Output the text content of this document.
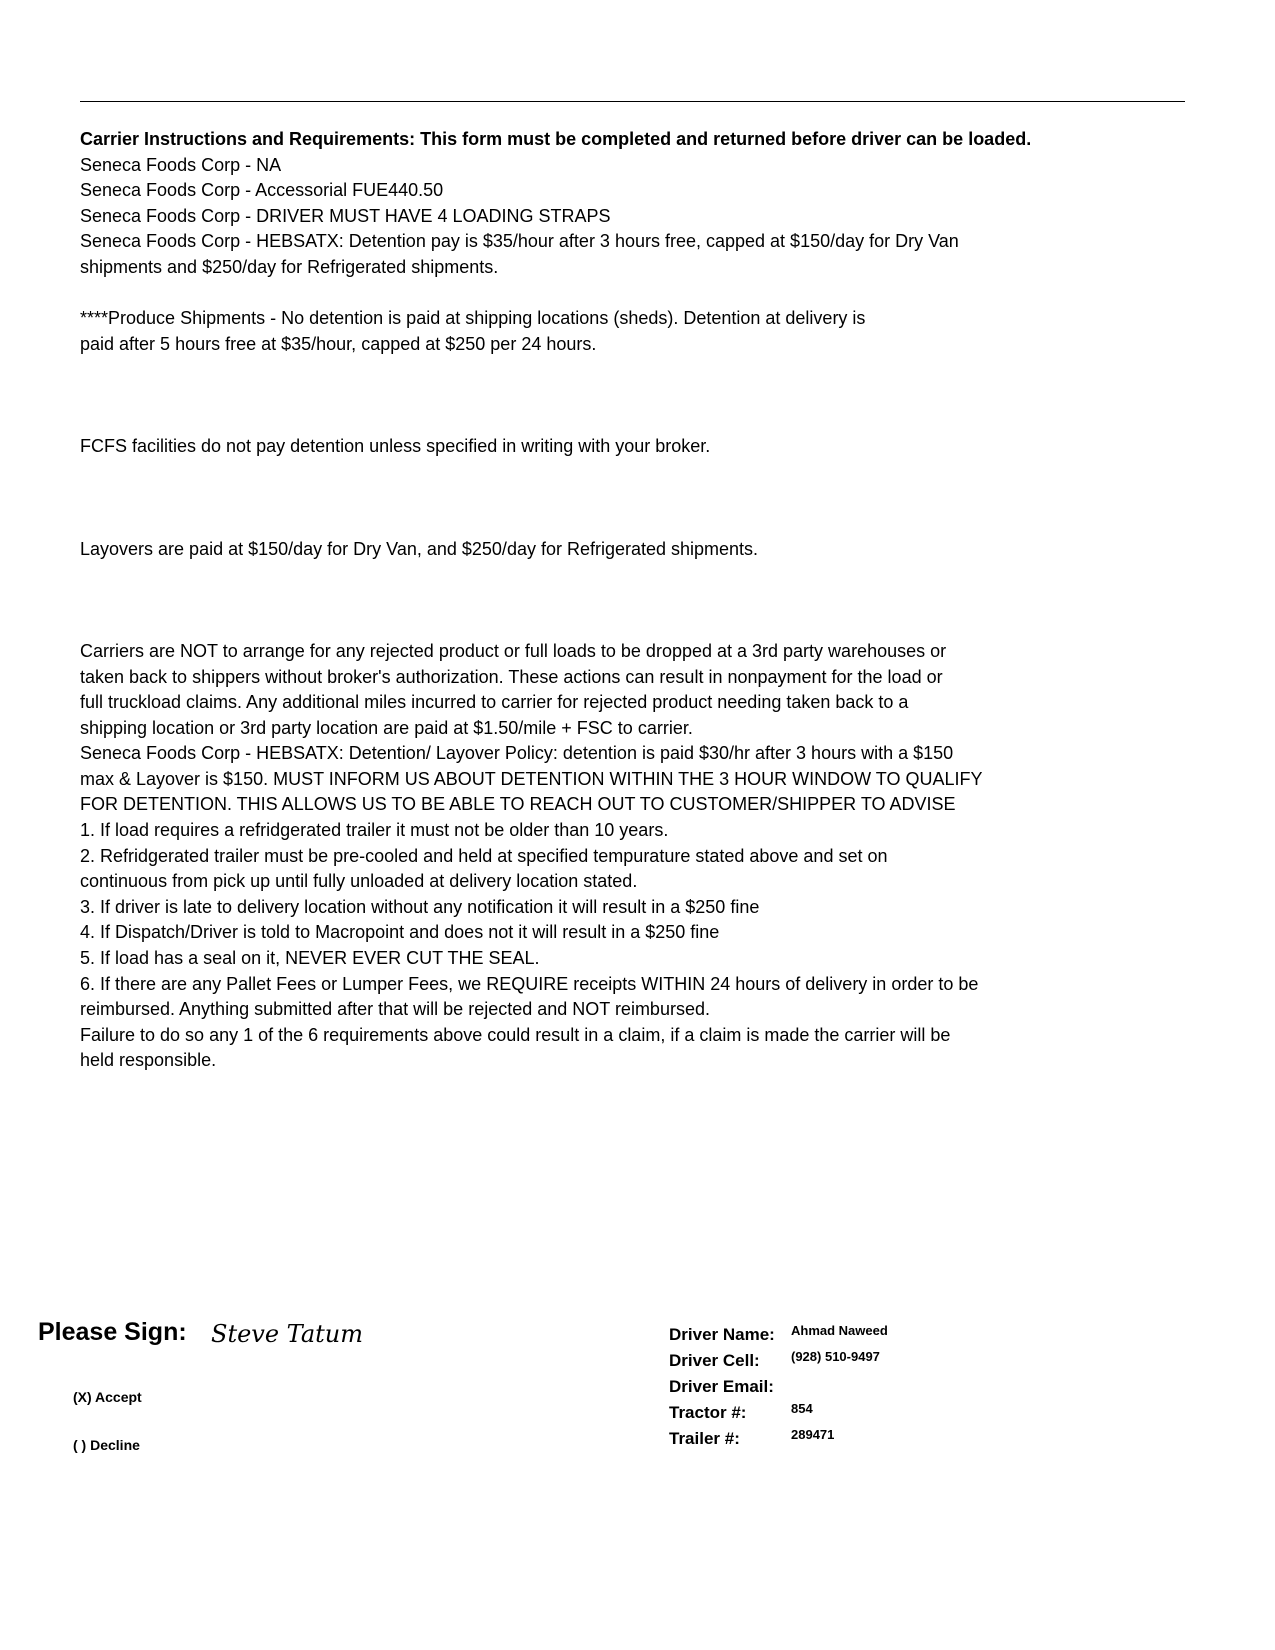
Carrier Instructions and Requirements: This form must be completed and returned before driver can be loaded.

Seneca Foods Corp - NA

Seneca Foods Corp - Accessorial FUE440.50

Seneca Foods Corp - DRIVER MUST HAVE 4 LOADING STRAPS

Seneca Foods Corp - HEBSATX: Detention pay is $35/hour after 3 hours free, capped at $150/day for Dry Van

shipments and $250/day for Refrigerated shipments.

****Produce Shipments - No detention is paid at shipping locations (sheds). Detention at delivery is

paid after 5 hours free at $35/hour, capped at $250 per 24 hours.

FCFS facilities do not pay detention unless specified in writing with your broker.

Layovers are paid at $150/day for Dry Van, and $250/day for Refrigerated shipments.

Carriers are NOT to arrange for any rejected product or full loads to be dropped at a 3rd party warehouses or

taken back to shippers without broker's authorization. These actions can result in nonpayment for the load or

full truckload claims. Any additional miles incurred to carrier for rejected product needing taken back to a

shipping location or 3rd party location are paid at $1.50/mile + FSC to carrier.

Seneca Foods Corp - HEBSATX: Detention/ Layover Policy: detention is paid $30/hr after 3 hours with a $150

max & Layover is $150. MUST INFORM US ABOUT DETENTION WITHIN THE 3 HOUR WINDOW TO QUALIFY

FOR DETENTION. THIS ALLOWS US TO BE ABLE TO REACH OUT TO CUSTOMER/SHIPPER TO ADVISE

1. If load requires a refridgerated trailer it must not be older than 10 years.

2. Refridgerated trailer must be pre-cooled and held at specified tempurature stated above and set on

continuous from pick up until fully unloaded at delivery location stated.

3. If driver is late to delivery location without any notification it will result in a $250 fine

4. If Dispatch/Driver is told to Macropoint and does not it will result in a $250 fine

5. If load has a seal on it, NEVER EVER CUT THE SEAL.

6. If there are any Pallet Fees or Lumper Fees, we REQUIRE receipts WITHIN 24 hours of delivery in order to be

reimbursed. Anything submitted after that will be rejected and NOT reimbursed.

Failure to do so any 1 of the 6 requirements above could result in a claim, if a claim is made the carrier will be

held responsible.

Please Sign: Steve Tatum
(X) Accept
( ) Decline
Driver Name: Ahmad Naweed
Driver Cell: (928) 510-9497
Driver Email:
Tractor #:	854
Trailer #:	289471
